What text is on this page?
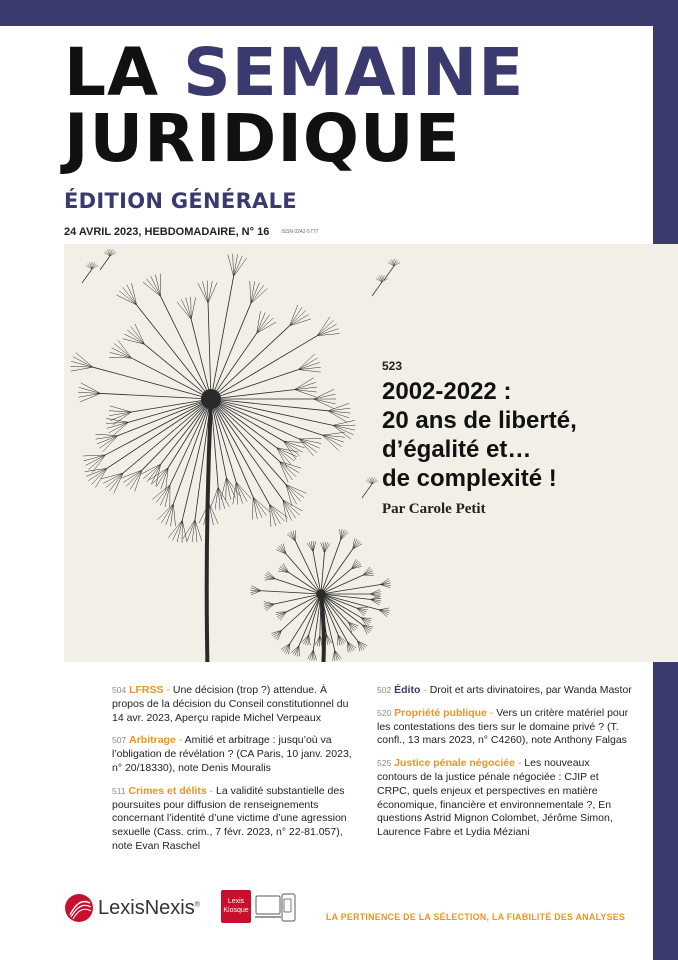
LA SEMAINE
JURIDIQUE
ÉDITION GÉNÉRALE
24 AVRIL 2023, HEBDOMADAIRE, N° 16 ISSN 0242-5777
523
2002-2022 :
20 ans de liberté,
d’égalité et…
de complexité !
Par Carole Petit
504 LFRSS - Une décision (trop ?) attendue. À propos de la décision du Conseil constitutionnel du 14 avr. 2023, Aperçu rapide Michel Verpeaux
507 Arbitrage - Amitié et arbitrage : jusqu’où va l’obligation de révélation ? (CA Paris, 10 janv. 2023, n° 20/18330), note Denis Mouralis
511 Crimes et délits - La validité substantielle des poursuites pour diffusion de renseignements concernant l’identité d’une victime d’une agression sexuelle (Cass. crim., 7 févr. 2023, n° 22-81.057), note Evan Raschel
502 Édito - Droit et arts divinatoires, par Wanda Mastor
520 Propriété publique - Vers un critère matériel pour les contestations des tiers sur le domaine privé ? (T. confl., 13 mars 2023, n° C4260), note Anthony Falgas
525 Justice pénale négociée - Les nouveaux contours de la justice pénale négociée : CJIP et CRPC, quels enjeux et perspectives en matière économique, financière et environnementale ?, En questions Astrid Mignon Colombet, Jérôme Simon, Laurence Fabre et Lydia Méziani
LexisNexis®	Lexis
Kiosque
LA PERTINENCE DE LA SÉLECTION, LA FIABILITÉ DES ANALYSES
